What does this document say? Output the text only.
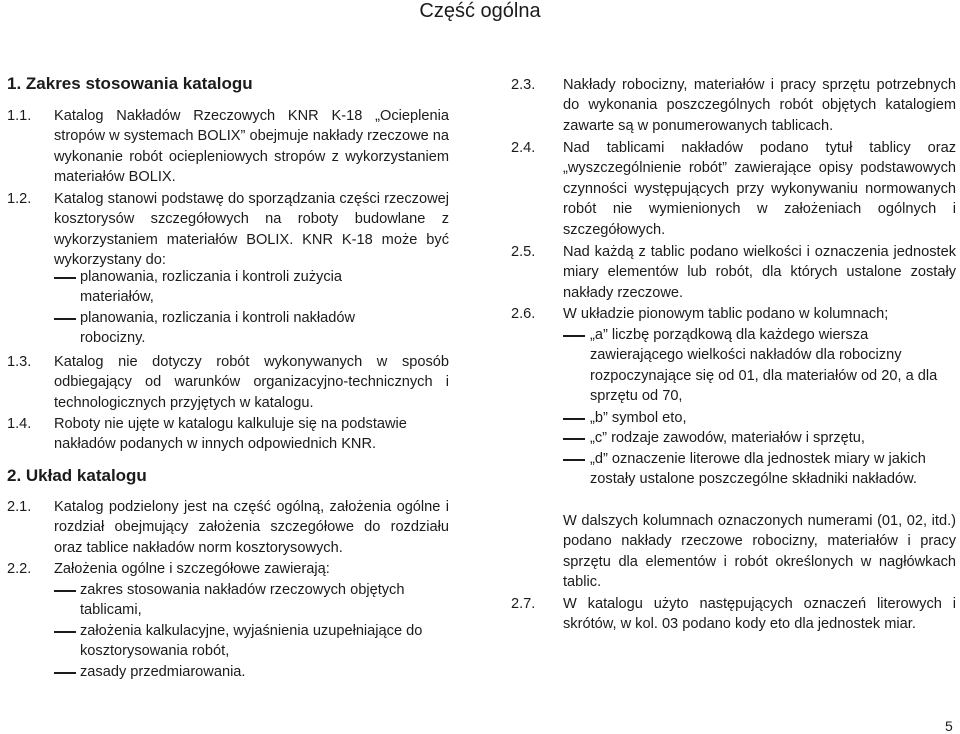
Część ogólna
1. Zakres stosowania katalogu
1.1. Katalog Nakładów Rzeczowych KNR K-18 „Ocieplenia stropów w systemach BOLIX” obejmuje nakłady rzeczowe na wykonanie robót ociepleniowych stropów z wykorzystaniem materiałów BOLIX.

1.2. Katalog stanowi podstawę do sporządzania części rzeczowej kosztorysów szczegółowych na roboty budowlane z wykorzystaniem materiałów BOLIX. KNR K-18 może być wykorzystany do:

planowania, rozliczania i kontroli zużycia materiałów,

planowania, rozliczania i kontroli nakładów robocizny.

1.3. Katalog nie dotyczy robót wykonywanych w sposób odbiegający od warunków organizacyjno-technicznych i technologicznych przyjętych w katalogu.

1.4. Roboty nie ujęte w katalogu kalkuluje się na podstawie nakładów podanych w innych odpowiednich KNR.

2. Układ katalogu
2.1. Katalog podzielony jest na część ogólną, założenia ogólne i rozdział obejmujący założenia szczegółowe do rozdziału oraz tablice nakładów norm kosztorysowych.

2.2. Założenia ogólne i szczegółowe zawierają:

zakres stosowania nakładów rzeczowych objętych tablicami,

założenia kalkulacyjne, wyjaśnienia uzupełniające do kosztorysowania robót,

zasady przedmiarowania.

2.3. Nakłady robocizny, materiałów i pracy sprzętu potrzebnych do wykonania poszczególnych robót objętych katalogiem zawarte są w ponumerowanych tablicach.

2.4. Nad tablicami nakładów podano tytuł tablicy oraz „wyszczególnienie robót” zawierające opisy podstawowych czynności występujących przy wykonywaniu normowanych robót nie wymienionych w założeniach ogólnych i szczegółowych.

2.5. Nad każdą z tablic podano wielkości i oznaczenia jednostek miary elementów lub robót, dla których ustalone zostały nakłady rzeczowe.

2.6. W układzie pionowym tablic podano w kolumnach;

„a” liczbę porządkową dla każdego wiersza zawierającego wielkości nakładów dla robocizny rozpoczynające się od 01, dla materiałów od 20, a dla sprzętu od 70,

„b” symbol eto,

„c” rodzaje zawodów, materiałów i sprzętu,

„d” oznaczenie literowe dla jednostek miary w jakich zostały ustalone poszczególne składniki nakładów.

W dalszych kolumnach oznaczonych numerami (01, 02, itd.) podano nakłady rzeczowe robocizny, materiałów i pracy sprzętu dla elementów i robót określonych w nagłówkach tablic.

2.7. W katalogu użyto następujących oznaczeń literowych i skrótów, w kol. 03 podano kody etο dla jednostek miar.

5
